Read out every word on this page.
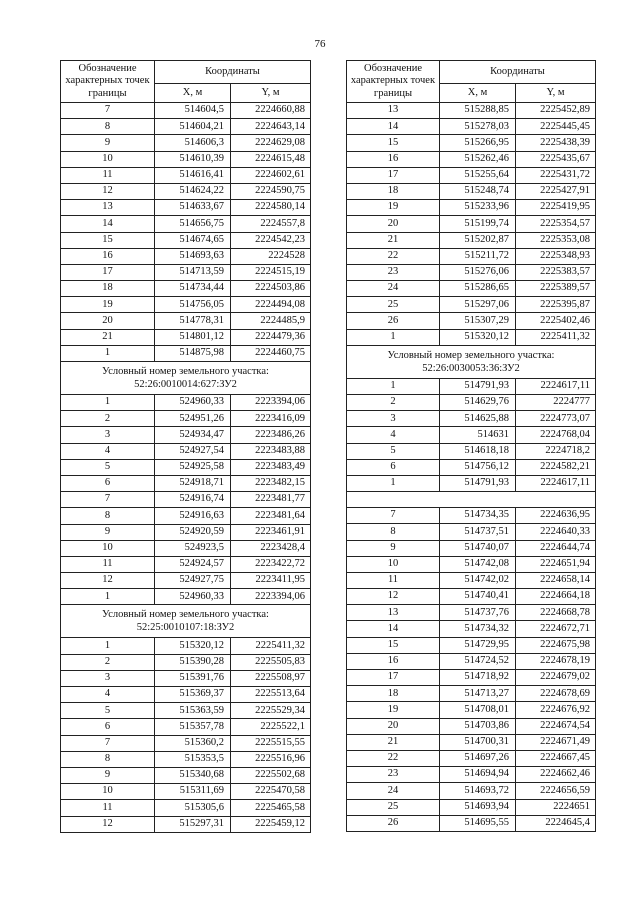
76
Обозначение характерных точек границы	Координаты	
	X, м	Y, м
7	514604,5	2224660,88
8	514604,21	2224643,14
9	514606,3	2224629,08
10	514610,39	2224615,48
11	514616,41	2224602,61
12	514624,22	2224590,75
13	514633,67	2224580,14
14	514656,75	2224557,8
15	514674,65	2224542,23
16	514693,63	2224528
17	514713,59	2224515,19
18	514734,44	2224503,86
19	514756,05	2224494,08
20	514778,31	2224485,9
21	514801,12	2224479,36
1	514875,98	2224460,75
Условный номер земельного участка: 52:26:0010014:627:ЗУ2		
1	524960,33	2223394,06
2	524951,26	2223416,09
3	524934,47	2223486,26
4	524927,54	2223483,88
5	524925,58	2223483,49
6	524918,71	2223482,15
7	524916,74	2223481,77
8	524916,63	2223481,64
9	524920,59	2223461,91
10	524923,5	2223428,4
11	524924,57	2223422,72
12	524927,75	2223411,95
1	524960,33	2223394,06
Условный номер земельного участка: 52:25:0010107:18:ЗУ2		
1	515320,12	2225411,32
2	515390,28	2225505,83
3	515391,76	2225508,97
4	515369,37	2225513,64
5	515363,59	2225529,34
6	515357,78	2225522,1
7	515360,2	2225515,55
8	515353,5	2225516,96
9	515340,68	2225502,68
10	515311,69	2225470,58
11	515305,6	2225465,58
12	515297,31	2225459,12
Обозначение характерных точек границы	Координаты	
	X, м	Y, м
13	515288,85	2225452,89
14	515278,03	2225445,45
15	515266,95	2225438,39
16	515262,46	2225435,67
17	515255,64	2225431,72
18	515248,74	2225427,91
19	515233,96	2225419,95
20	515199,74	2225354,57
21	515202,87	2225353,08
22	515211,72	2225348,93
23	515276,06	2225383,57
24	515286,65	2225389,57
25	515297,06	2225395,87
26	515307,29	2225402,46
1	515320,12	2225411,32
Условный номер земельного участка: 52:26:0030053:36:ЗУ2		
1	514791,93	2224617,11
2	514629,76	2224777
3	514625,88	2224773,07
4	514631	2224768,04
5	514618,18	2224718,2
6	514756,12	2224582,21
1	514791,93	2224617,11

7	514734,35	2224636,95
8	514737,51	2224640,33
9	514740,07	2224644,74
10	514742,08	2224651,94
11	514742,02	2224658,14
12	514740,41	2224664,18
13	514737,76	2224668,78
14	514734,32	2224672,71
15	514729,95	2224675,98
16	514724,52	2224678,19
17	514718,92	2224679,02
18	514713,27	2224678,69
19	514708,01	2224676,92
20	514703,86	2224674,54
21	514700,31	2224671,49
22	514697,26	2224667,45
23	514694,94	2224662,46
24	514693,72	2224656,59
25	514693,94	2224651
26	514695,55	2224645,4
